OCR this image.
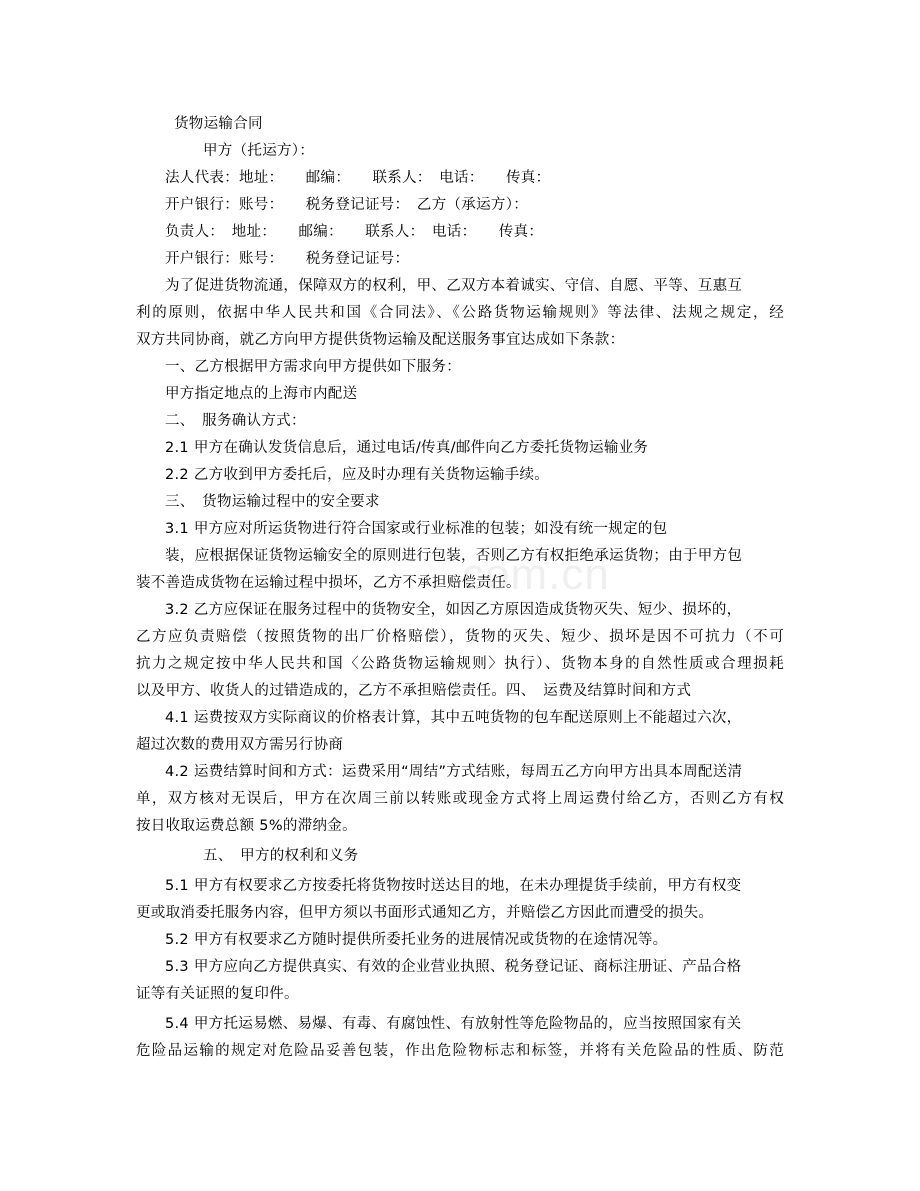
com.cn
货物运输合同
甲方（托运方）：
法人代表：地址：　　邮编：　　联系人：　电话：　　传真：
开户银行：账号：　　税务登记证号：　乙方（承运方）：
负责人：　地址：　　邮编：　　联系人：　电话：　　传真：
开户银行：账号：　　税务登记证号：
为了促进货物流通，保障双方的权利，甲、乙双方本着诚实、守信、自愿、平等、互惠互
利的原则，依据中华人民共和国《合同法》、《公路货物运输规则》等法律、法规之规定，经
双方共同协商，就乙方向甲方提供货物运输及配送服务事宜达成如下条款：
一、乙方根据甲方需求向甲方提供如下服务：
甲方指定地点的上海市内配送
二、　服务确认方式：
2.1 甲方在确认发货信息后，通过电话/传真/邮件向乙方委托货物运输业务
2.2 乙方收到甲方委托后，应及时办理有关货物运输手续。
三、　货物运输过程中的安全要求
3.1 甲方应对所运货物进行符合国家或行业标准的包装；如没有统一规定的包
装，应根据保证货物运输安全的原则进行包装，否则乙方有权拒绝承运货物；由于甲方包
装不善造成货物在运输过程中损坏，乙方不承担赔偿责任。
3.2 乙方应保证在服务过程中的货物安全，如因乙方原因造成货物灭失、短少、损坏的，
乙方应负责赔偿（按照货物的出厂价格赔偿），货物的灭失、短少、损坏是因不可抗力（不可
抗力之规定按中华人民共和国〈公路货物运输规则〉执行）、货物本身的自然性质或合理损耗
以及甲方、收货人的过错造成的，乙方不承担赔偿责任。四、　运费及结算时间和方式
4.1 运费按双方实际商议的价格表计算，其中五吨货物的包车配送原则上不能超过六次，
超过次数的费用双方需另行协商
4.2 运费结算时间和方式：运费采用“周结”方式结账，每周五乙方向甲方出具本周配送清
单，双方核对无误后，甲方在次周三前以转账或现金方式将上周运费付给乙方，否则乙方有权
按日收取运费总额 5%的滞纳金。
五、　甲方的权利和义务
5.1 甲方有权要求乙方按委托将货物按时送达目的地，在未办理提货手续前，甲方有权变
更或取消委托服务内容，但甲方须以书面形式通知乙方，并赔偿乙方因此而遭受的损失。
5.2 甲方有权要求乙方随时提供所委托业务的进展情况或货物的在途情况等。
5.3 甲方应向乙方提供真实、有效的企业营业执照、税务登记证、商标注册证、产品合格
证等有关证照的复印件。
5.4 甲方托运易燃、易爆、有毒、有腐蚀性、有放射性等危险物品的，应当按照国家有关
危险品运输的规定对危险品妥善包装，作出危险物标志和标签，并将有关危险品的性质、防范
